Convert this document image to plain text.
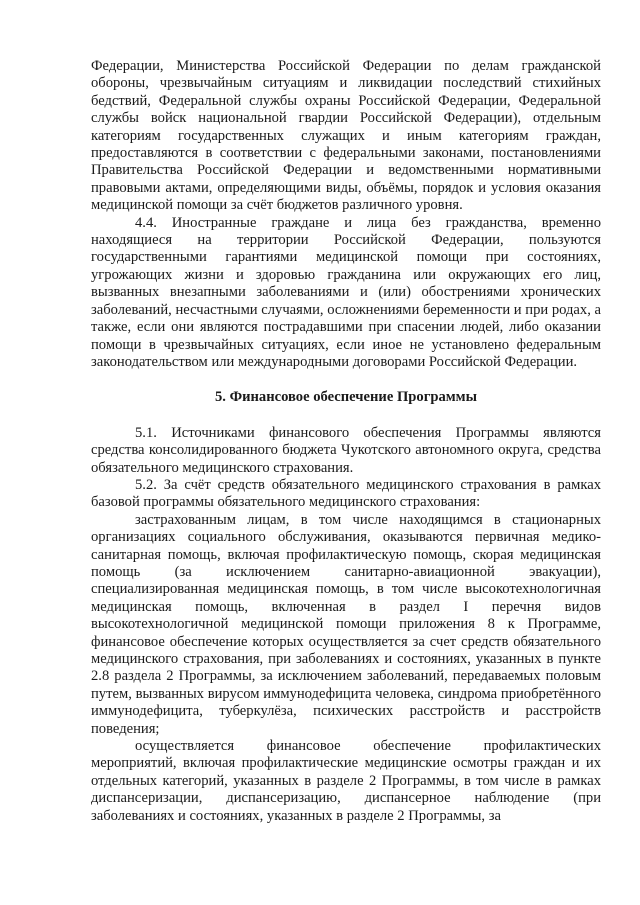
Федерации, Министерства Российской Федерации по делам гражданской обороны, чрезвычайным ситуациям и ликвидации последствий стихийных бедствий, Федеральной службы охраны Российской Федерации, Федеральной службы войск национальной гвардии Российской Федерации), отдельным категориям государственных служащих и иным категориям граждан, предоставляются в соответствии с федеральными законами, постановлениями Правительства Российской Федерации и ведомственными нормативными правовыми актами, определяющими виды, объёмы, порядок и условия оказания медицинской помощи за счёт бюджетов различного уровня.

4.4. Иностранные граждане и лица без гражданства, временно находящиеся на территории Российской Федерации, пользуются государственными гарантиями медицинской помощи при состояниях, угрожающих жизни и здоровью гражданина или окружающих его лиц, вызванных внезапными заболеваниями и (или) обострениями хронических заболеваний, несчастными случаями, осложнениями беременности и при родах, а также, если они являются пострадавшими при спасении людей, либо оказании помощи в чрезвычайных ситуациях, если иное не установлено федеральным законодательством или международными договорами Российской Федерации.

5. Финансовое обеспечение Программы

5.1. Источниками финансового обеспечения Программы являются средства консолидированного бюджета Чукотского автономного округа, средства обязательного медицинского страхования.

5.2. За счёт средств обязательного медицинского страхования в рамках базовой программы обязательного медицинского страхования:

застрахованным лицам, в том числе находящимся в стационарных организациях социального обслуживания, оказываются первичная медико-санитарная помощь, включая профилактическую помощь, скорая медицинская помощь (за исключением санитарно-авиационной эвакуации), специализированная медицинская помощь, в том числе высокотехнологичная медицинская помощь, включенная в раздел I перечня видов высокотехнологичной медицинской помощи приложения 8 к Программе, финансовое обеспечение которых осуществляется за счет средств обязательного медицинского страхования, при заболеваниях и состояниях, указанных в пункте 2.8 раздела 2 Программы, за исключением заболеваний, передаваемых половым путем, вызванных вирусом иммунодефицита человека, синдрома приобретённого иммунодефицита, туберкулёза, психических расстройств и расстройств поведения;

осуществляется финансовое обеспечение профилактических мероприятий, включая профилактические медицинские осмотры граждан и их отдельных категорий, указанных в разделе 2 Программы, в том числе в рамках диспансеризации, диспансеризацию, диспансерное наблюдение (при заболеваниях и состояниях, указанных в разделе 2 Программы, за
